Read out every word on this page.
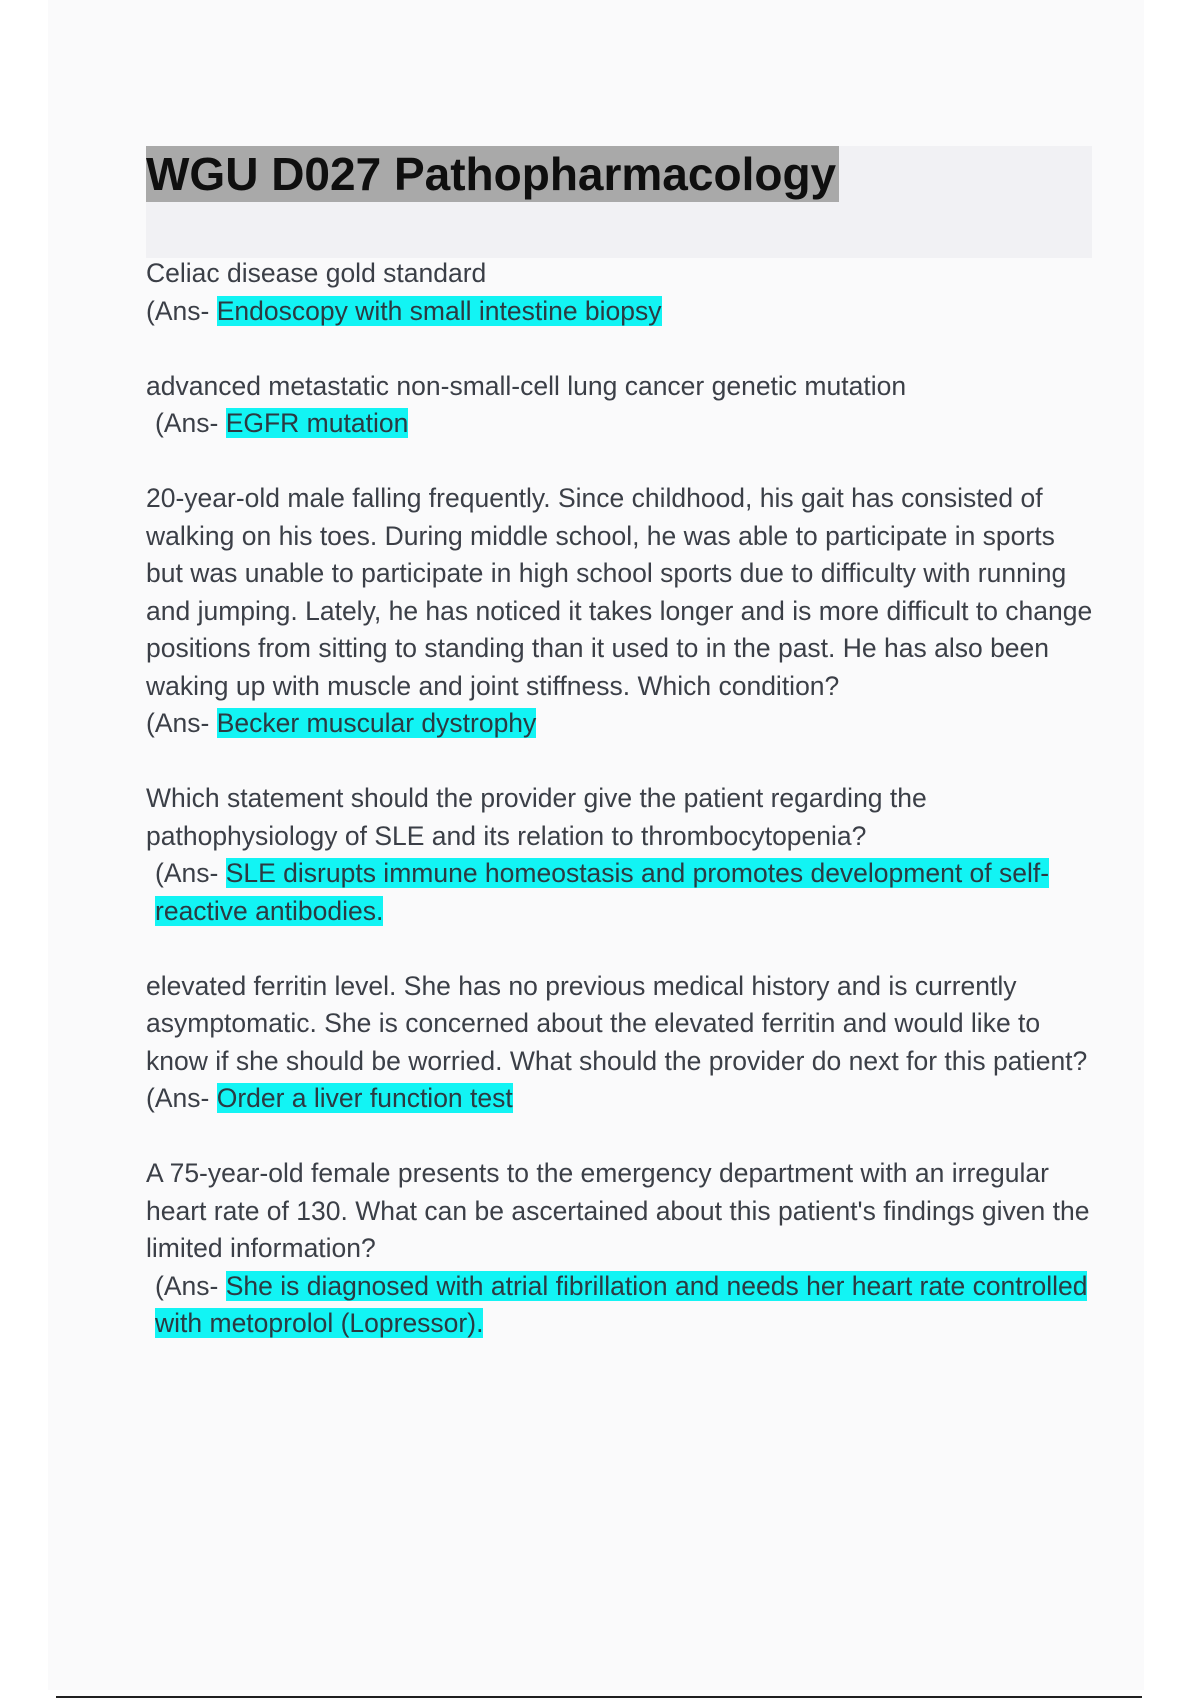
WGU D027 Pathopharmacology
Celiac disease gold standard
(Ans- Endoscopy with small intestine biopsy
advanced metastatic non-small-cell lung cancer genetic mutation
(Ans- EGFR mutation
20-year-old male falling frequently. Since childhood, his gait has consisted of walking on his toes. During middle school, he was able to participate in sports but was unable to participate in high school sports due to difficulty with running and jumping. Lately, he has noticed it takes longer and is more difficult to change positions from sitting to standing than it used to in the past. He has also been waking up with muscle and joint stiffness. Which condition?
(Ans- Becker muscular dystrophy
Which statement should the provider give the patient regarding the pathophysiology of SLE and its relation to thrombocytopenia?
(Ans- SLE disrupts immune homeostasis and promotes development of self-reactive antibodies.
elevated ferritin level. She has no previous medical history and is currently asymptomatic. She is concerned about the elevated ferritin and would like to know if she should be worried. What should the provider do next for this patient?
(Ans- Order a liver function test
A 75-year-old female presents to the emergency department with an irregular heart rate of 130. What can be ascertained about this patient's findings given the limited information?
(Ans- She is diagnosed with atrial fibrillation and needs her heart rate controlled with metoprolol (Lopressor).
